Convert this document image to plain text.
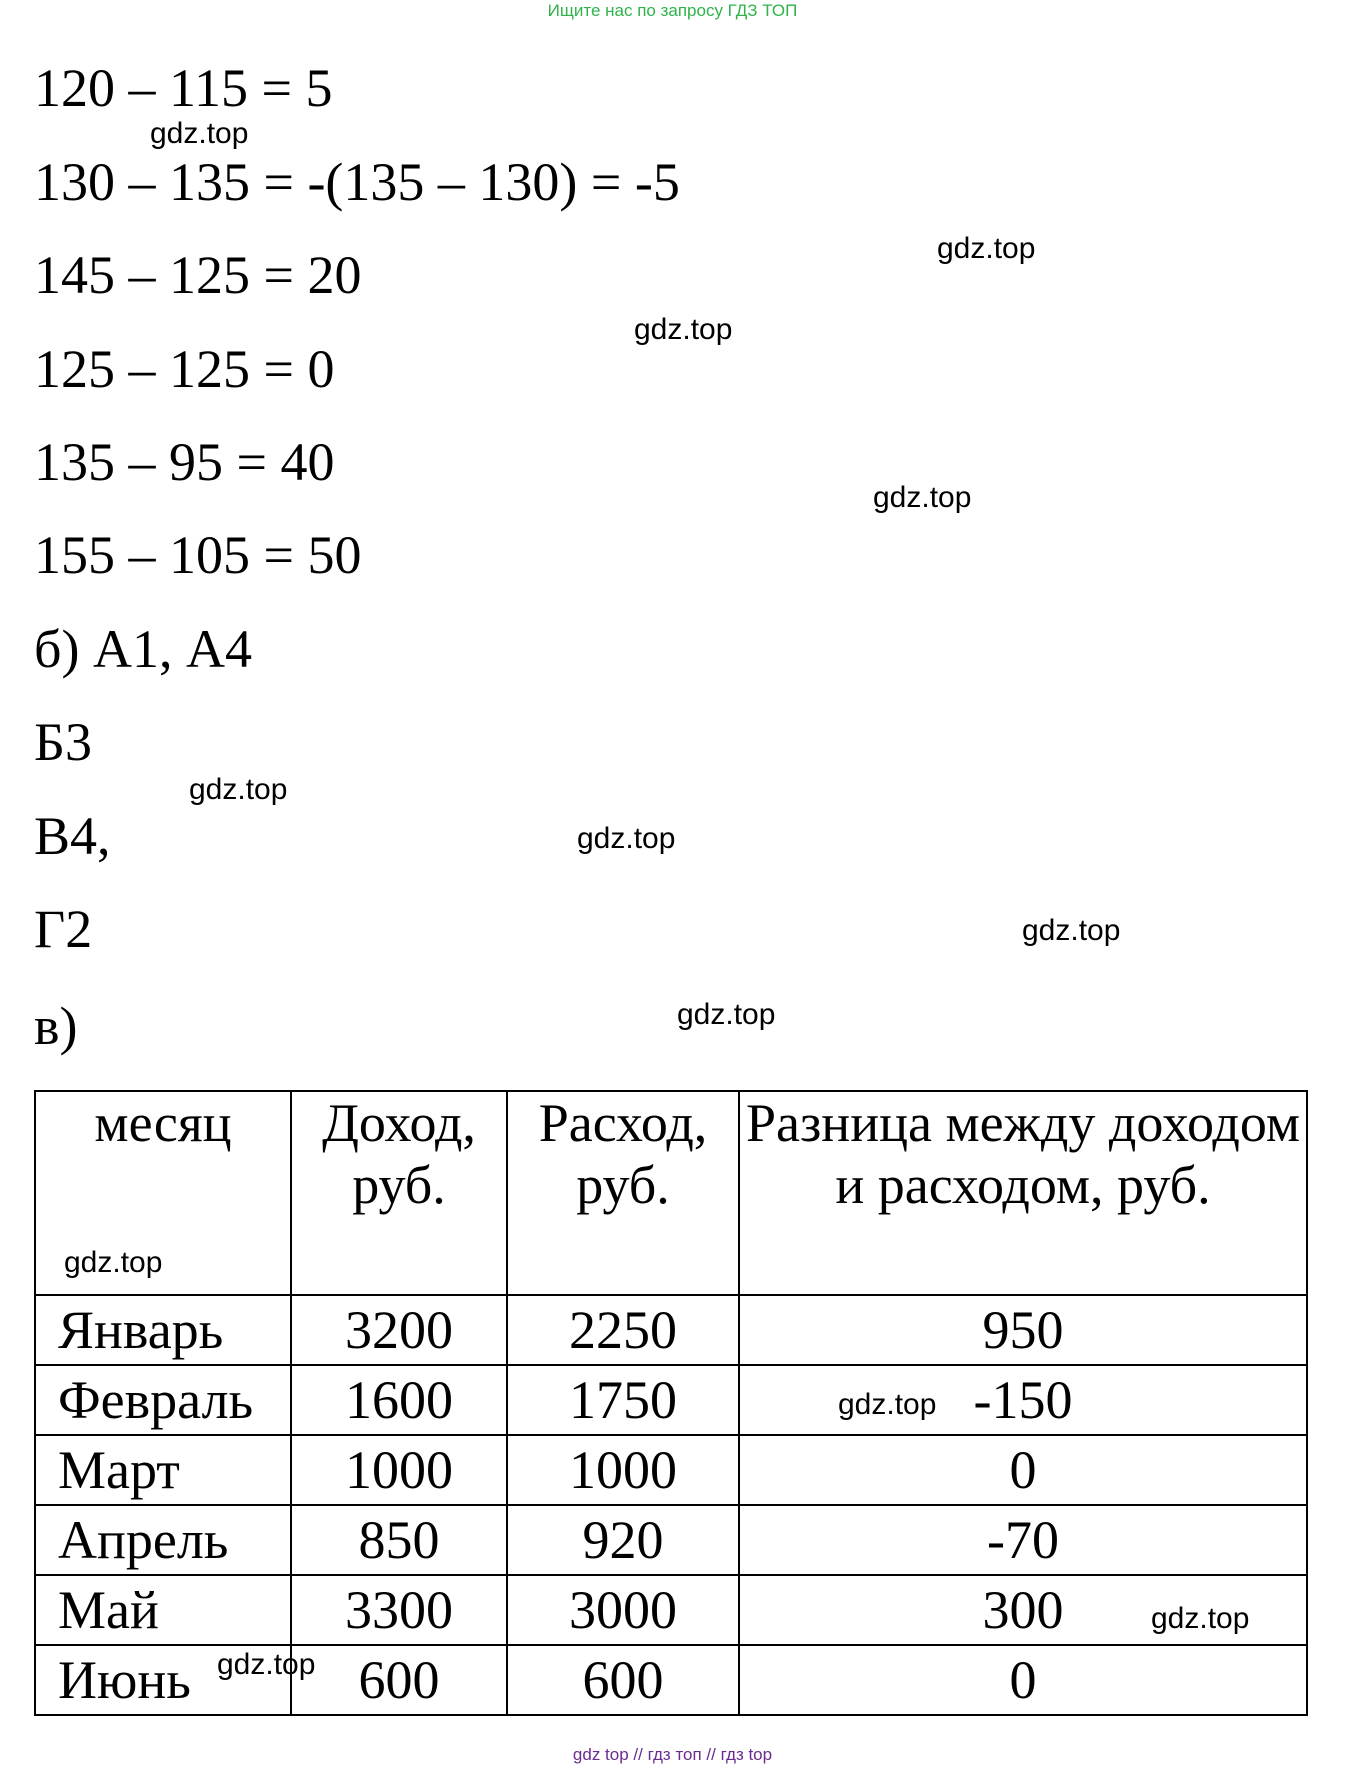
Ищите нас по запросу ГДЗ ТОП
120 – 115 = 5
130 – 135 = -(135 – 130) = -5
145 – 125 = 20
125 – 125 = 0
135 – 95 = 40
155 – 105 = 50
б) А1, А4
Б3
В4,
Г2
в)
gdz.top
gdz.top
gdz.top
gdz.top
gdz.top
gdz.top
gdz.top
gdz.top
месяц	Доход, руб.	Расход, руб.	Разница между доходом и расходом, руб.
Январь	3200	2250	950
Февраль	1600	1750	-150
Март	1000	1000	0
Апрель	850	920	-70
Май	3300	3000	300
Июнь	600	600	0
gdz.top
gdz.top
gdz.top
gdz.top
gdz top // гдз топ // гдз top
